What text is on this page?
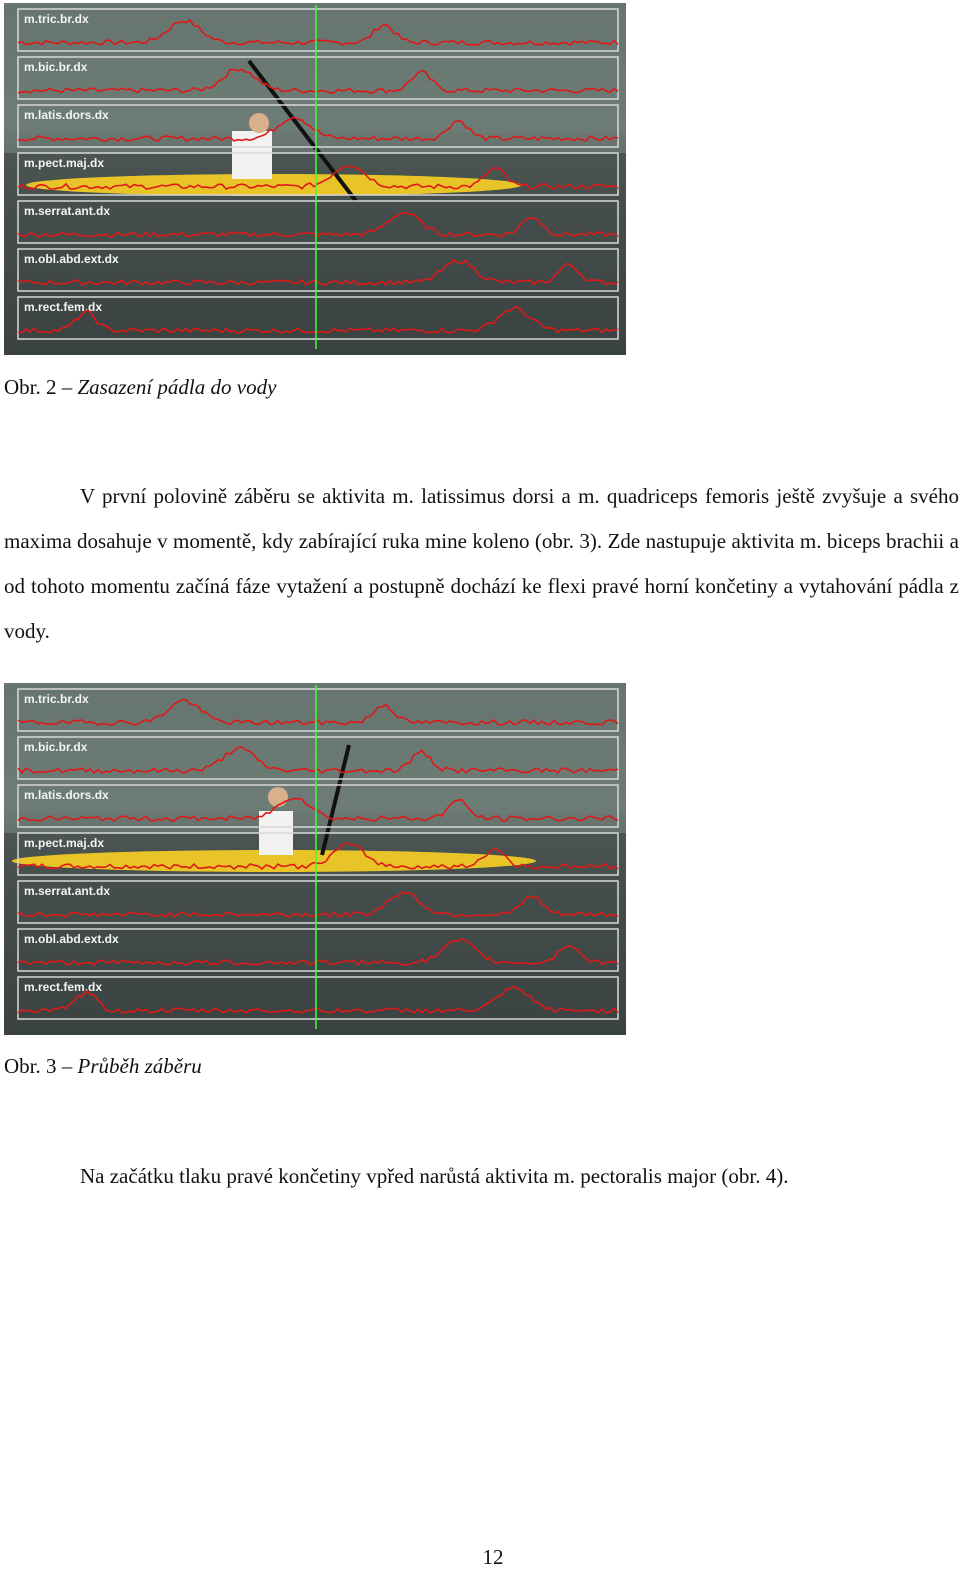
m.tric.br.dx
m.bic.br.dx
m.latis.dors.dx
m.pect.maj.dx
m.serrat.ant.dx
m.obl.abd.ext.dx
m.rect.fem.dx
Obr. 2 – Zasazení pádla do vody

V první polovině záběru se aktivita m. latissimus dorsi a m. quadriceps femoris ještě zvyšuje a svého maxima dosahuje v momentě, kdy zabírající ruka mine koleno (obr. 3). Zde nastupuje aktivita m. biceps brachii a od tohoto momentu začíná fáze vytažení a postupně dochází ke flexi pravé horní končetiny a vytahování pádla z vody.

m.tric.br.dx
m.bic.br.dx
m.latis.dors.dx
m.pect.maj.dx
m.serrat.ant.dx
m.obl.abd.ext.dx
m.rect.fem.dx
Obr. 3 – Průběh záběru

Na začátku tlaku pravé končetiny vpřed narůstá aktivita m. pectoralis major (obr. 4).

12
